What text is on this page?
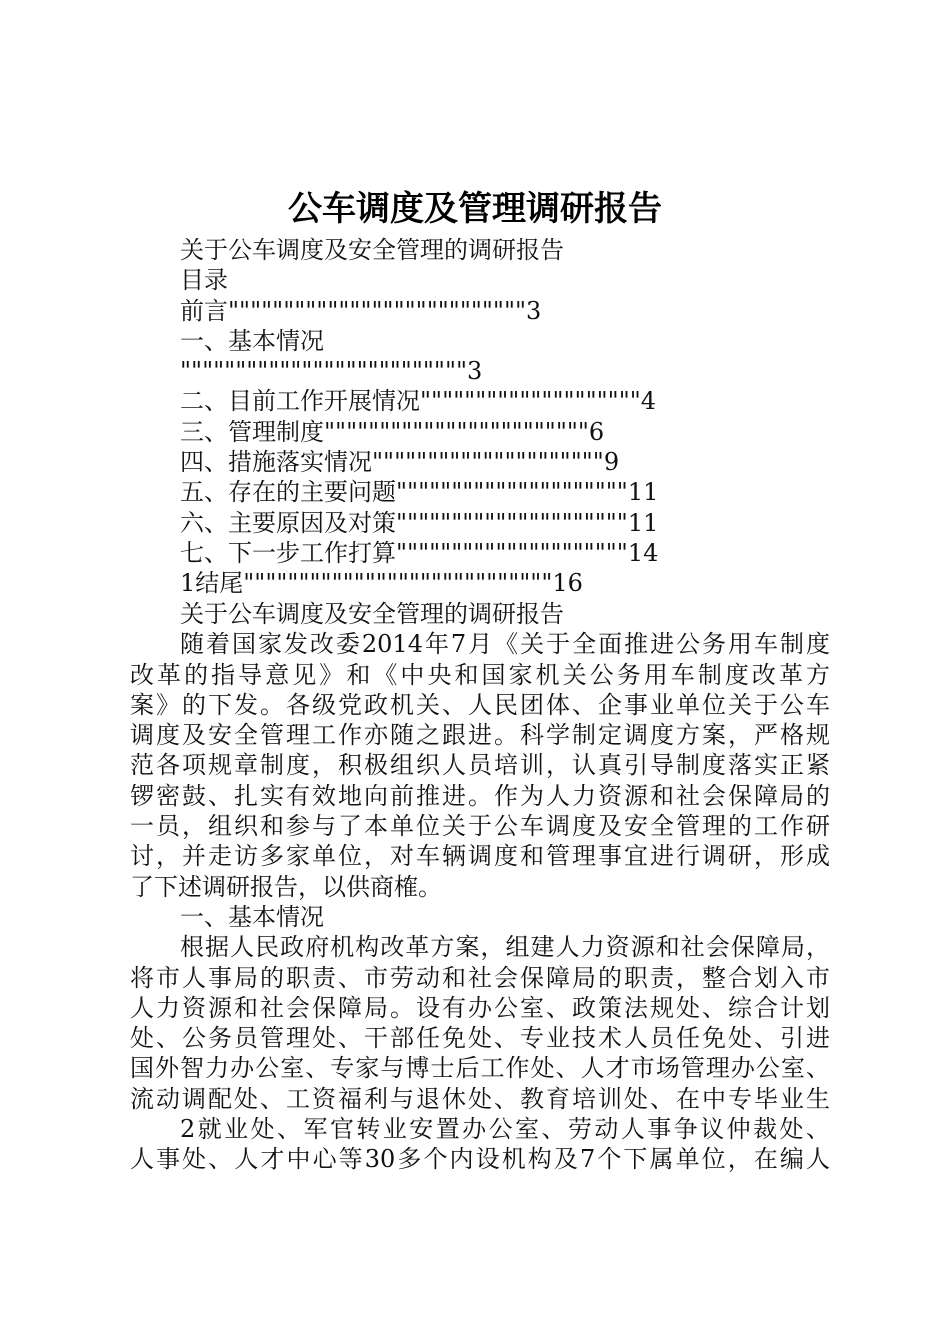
公车调度及管理调研报告
关于公车调度及安全管理的调研报告
目录
前言"""""""""""""""""""""""""""3
一、基本情况
""""""""""""""""""""""""""3
二、目前工作开展情况""""""""""""""""""""4
三、管理制度""""""""""""""""""""""""6
四、措施落实情况"""""""""""""""""""""9
五、存在的主要问题"""""""""""""""""""""11
六、主要原因及对策"""""""""""""""""""""11
七、下一步工作打算"""""""""""""""""""""14
1结尾""""""""""""""""""""""""""""16
关于公车调度及安全管理的调研报告
随着国家发改委2014年7月《关于全面推进公务用车制度
改革的指导意见》和《中央和国家机关公务用车制度改革方
案》的下发。各级党政机关、人民团体、企事业单位关于公车
调度及安全管理工作亦随之跟进。科学制定调度方案，严格规
范各项规章制度，积极组织人员培训，认真引导制度落实正紧
锣密鼓、扎实有效地向前推进。作为人力资源和社会保障局的
一员，组织和参与了本单位关于公车调度及安全管理的工作研
讨，并走访多家单位，对车辆调度和管理事宜进行调研，形成
了下述调研报告，以供商榷。
一、基本情况
根据人民政府机构改革方案，组建人力资源和社会保障局，
将市人事局的职责、市劳动和社会保障局的职责，整合划入市
人力资源和社会保障局。设有办公室、政策法规处、综合计划
处、公务员管理处、干部任免处、专业技术人员任免处、引进
国外智力办公室、专家与博士后工作处、人才市场管理办公室、
流动调配处、工资福利与退休处、教育培训处、在中专毕业生
2就业处、军官转业安置办公室、劳动人事争议仲裁处、
人事处、人才中心等30多个内设机构及7个下属单位，在编人
